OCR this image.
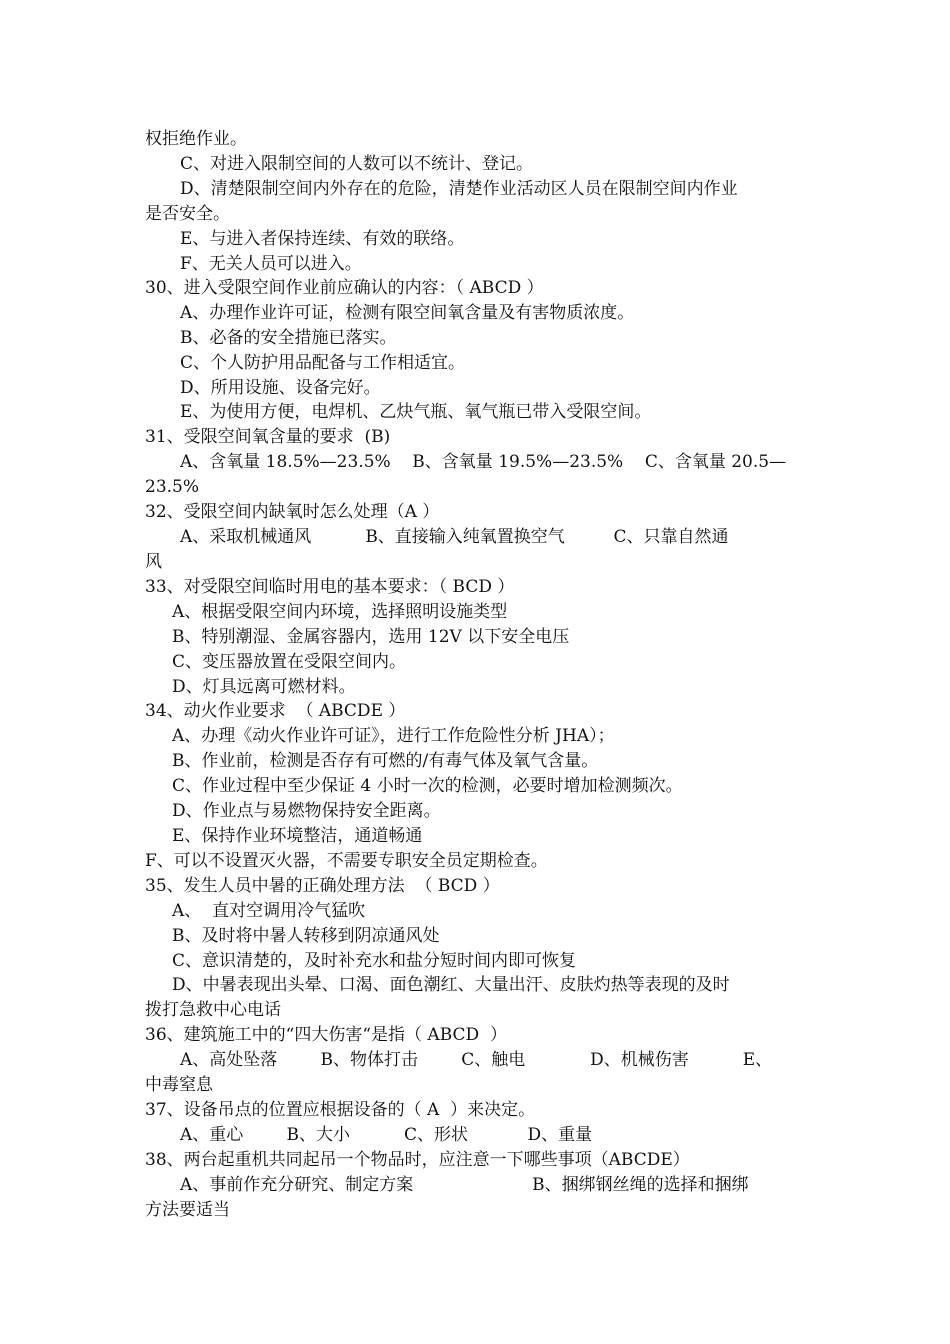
权拒绝作业。
C、对进入限制空间的人数可以不统计、登记。
D、清楚限制空间内外存在的危险，清楚作业活动区人员在限制空间内作业
是否安全。
E、与进入者保持连续、有效的联络。
F、无关人员可以进入。
30、进入受限空间作业前应确认的内容：（ ABCD ）
A、办理作业许可证，检测有限空间氧含量及有害物质浓度。
B、必备的安全措施已落实。
C、个人防护用品配备与工作相适宜。
D、所用设施、设备完好。
E、为使用方便，电焊机、乙炔气瓶、氧气瓶已带入受限空间。
31、受限空间氧含量的要求  (B)
A、含氧量 18.5%—23.5%    B、含氧量 19.5%—23.5%    C、含氧量 20.5—
23.5%
32、受限空间内缺氧时怎么处理（A ）
A、采取机械通风          B、直接输入纯氧置换空气         C、只靠自然通
风
33、对受限空间临时用电的基本要求：（ BCD ）
A、根据受限空间内环境，选择照明设施类型
B、特别潮湿、金属容器内，选用 12V 以下安全电压
C、变压器放置在受限空间内。
D、灯具远离可燃材料。
34、动火作业要求  （ ABCDE ）
A、办理《动火作业许可证》，进行工作危险性分析 JHA）；
B、作业前，检测是否存有可燃的/有毒气体及氧气含量。
C、作业过程中至少保证 4 小时一次的检测，必要时增加检测频次。
D、作业点与易燃物保持安全距离。
E、保持作业环境整洁，通道畅通
F、可以不设置灭火器，不需要专职安全员定期检查。
35、发生人员中暑的正确处理方法  （ BCD ）
A、  直对空调用冷气猛吹
B、及时将中暑人转移到阴凉通风处
C、意识清楚的，及时补充水和盐分短时间内即可恢复
D、中暑表现出头晕、口渴、面色潮红、大量出汗、皮肤灼热等表现的及时
拨打急救中心电话
36、建筑施工中的“四大伤害“是指（ ABCD  ）
A、高处坠落        B、物体打击        C、触电            D、机械伤害          E、
中毒窒息
37、设备吊点的位置应根据设备的（ A  ）来决定。
A、重心        B、大小          C、形状           D、重量
38、两台起重机共同起吊一个物品时，应注意一下哪些事项（ABCDE）
A、事前作充分研究、制定方案                      B、捆绑钢丝绳的选择和捆绑
方法要适当
